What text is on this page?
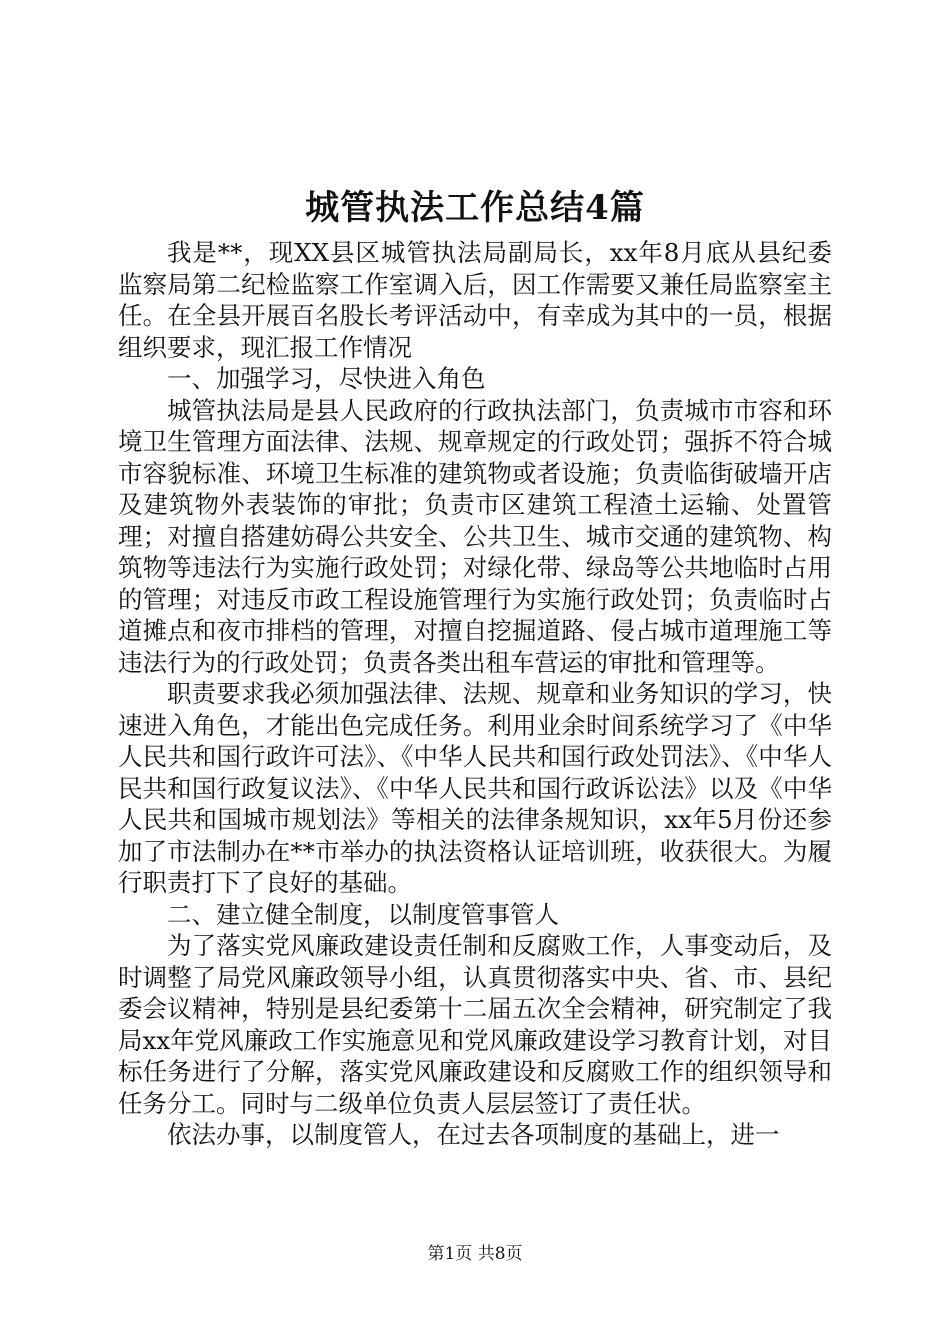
城管执法工作总结4篇

我是**，现XX县区城管执法局副局长，xx年8月底从县纪委监察局第二纪检监察工作室调入后，因工作需要又兼任局监察室主任。在全县开展百名股长考评活动中，有幸成为其中的一员，根据组织要求，现汇报工作情况

一、加强学习，尽快进入角色

城管执法局是县人民政府的行政执法部门，负责城市市容和环境卫生管理方面法律、法规、规章规定的行政处罚；强拆不符合城市容貌标准、环境卫生标准的建筑物或者设施；负责临街破墙开店及建筑物外表装饰的审批；负责市区建筑工程渣土运输、处置管理；对擅自搭建妨碍公共安全、公共卫生、城市交通的建筑物、构筑物等违法行为实施行政处罚；对绿化带、绿岛等公共地临时占用的管理；对违反市政工程设施管理行为实施行政处罚；负责临时占道摊点和夜市排档的管理，对擅自挖掘道路、侵占城市道理施工等违法行为的行政处罚；负责各类出租车营运的审批和管理等。

职责要求我必须加强法律、法规、规章和业务知识的学习，快速进入角色，才能出色完成任务。利用业余时间系统学习了《中华人民共和国行政许可法》、《中华人民共和国行政处罚法》、《中华人民共和国行政复议法》、《中华人民共和国行政诉讼法》以及《中华人民共和国城市规划法》等相关的法律条规知识，xx年5月份还参加了市法制办在**市举办的执法资格认证培训班，收获很大。为履行职责打下了良好的基础。

二、建立健全制度，以制度管事管人

为了落实党风廉政建设责任制和反腐败工作，人事变动后，及时调整了局党风廉政领导小组，认真贯彻落实中央、省、市、县纪委会议精神，特别是县纪委第十二届五次全会精神，研究制定了我局xx年党风廉政工作实施意见和党风廉政建设学习教育计划，对目标任务进行了分解，落实党风廉政建设和反腐败工作的组织领导和任务分工。同时与二级单位负责人层层签订了责任状。

依法办事，以制度管人，在过去各项制度的基础上，进一

第1页 共8页
